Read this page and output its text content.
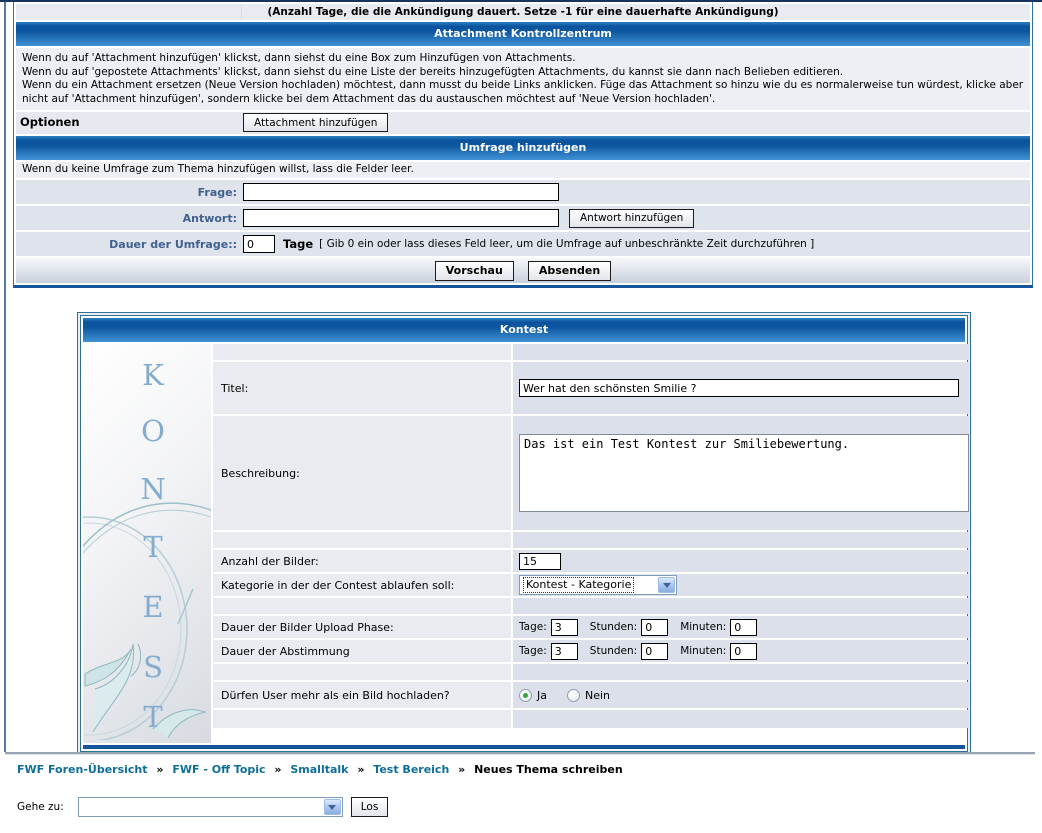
(Anzahl Tage, die die Ankündigung dauert. Setze -1 für eine dauerhafte Ankündigung)
Attachment Kontrollzentrum
Wenn du auf 'Attachment hinzufügen' klickst, dann siehst du eine Box zum Hinzufügen von Attachments.
Wenn du auf 'gepostete Attachments' klickst, dann siehst du eine Liste der bereits hinzugefügten Attachments, du kannst sie dann nach Belieben editieren.
Wenn du ein Attachment ersetzen (Neue Version hochladen) möchtest, dann musst du beide Links anklicken. Füge das Attachment so hinzu wie du es normalerweise tun würdest, klicke aber nicht auf 'Attachment hinzufügen', sondern klicke bei dem Attachment das du austauschen möchtest auf 'Neue Version hochladen'.
Optionen	Attachment hinzufügen
Umfrage hinzufügen
Wenn du keine Umfrage zum Thema hinzufügen willst, lass die Felder leer.
Frage:
Antwort:	Antwort hinzufügen
Dauer der Umfrage::
0	Tage [ Gib 0 ein oder lass dieses Feld leer, um die Umfrage auf unbeschränkte Zeit durchzuführen ]
Vorschau	Absenden
Kontest
K
O
N
T
E
S
T
Titel:
Wer hat den schönsten Smilie ?
Beschreibung:
Das ist ein Test Kontest zur Smiliebewertung.
Anzahl der Bilder:
15
Kategorie in der der Contest ablaufen soll:	Kontest - Kategorie
Dauer der Bilder Upload Phase:	Tage:
3	Stunden:
0	Minuten:
0
Dauer der Abstimmung	Tage:
3	Stunden:
0	Minuten:
0
Dürfen User mehr als ein Bild hochladen?	Ja	Nein
FWF Foren-Übersicht » FWF - Off Topic » Smalltalk » Test Bereich » Neues Thema schreiben
Gehe zu:	Los
